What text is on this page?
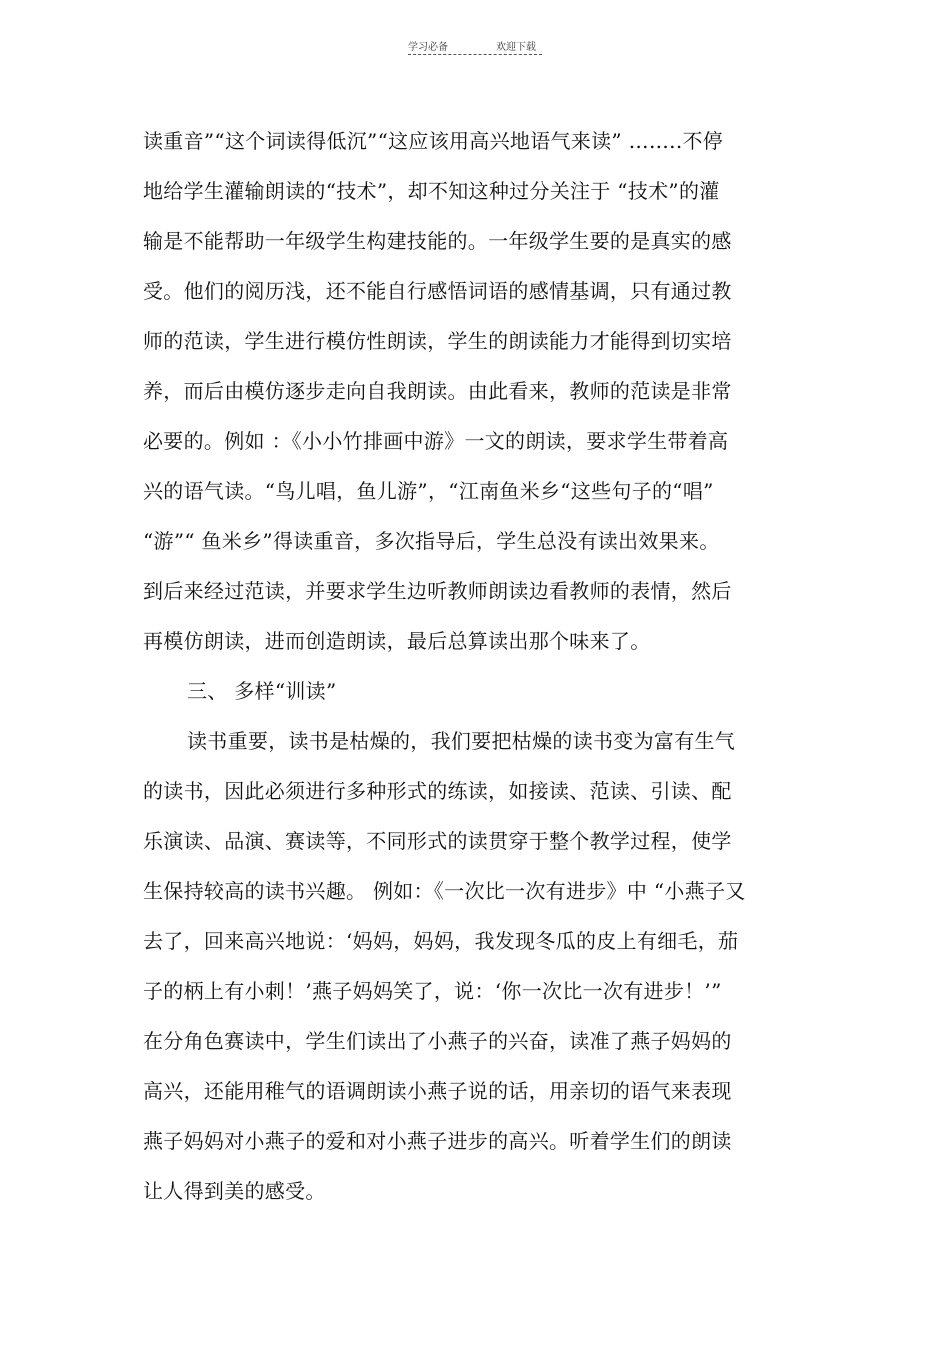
学习必备	欢迎下载
读重音”“这个词读得低沉”“这应该用高兴地语气来读” ……..不停
地给学生灌输朗读的“技术”，却不知这种过分关注于 “技术”的灌
输是不能帮助一年级学生构建技能的。一年级学生要的是真实的感
受。他们的阅历浅，还不能自行感悟词语的感情基调，只有通过教
师的范读，学生进行模仿性朗读，学生的朗读能力才能得到切实培
养，而后由模仿逐步走向自我朗读。由此看来，教师的范读是非常
必要的。例如 ：《小小竹排画中游》一文的朗读，要求学生带着高
兴的语气读。“鸟儿唱，鱼儿游”，“江南鱼米乡“这些句子的“唱”
“游”“ 鱼米乡”得读重音，多次指导后，学生总没有读出效果来。
到后来经过范读，并要求学生边听教师朗读边看教师的表情，然后
再模仿朗读，进而创造朗读，最后总算读出那个味来了。
三、 多样“训读”
读书重要，读书是枯燥的，我们要把枯燥的读书变为富有生气
的读书，因此必须进行多种形式的练读，如接读、范读、引读、配
乐演读、品演、赛读等，不同形式的读贯穿于整个教学过程，使学
生保持较高的读书兴趣。 例如：《一次比一次有进步》中 “小燕子又
去了，回来高兴地说：‘妈妈，妈妈，我发现冬瓜的皮上有细毛，茄
子的柄上有小刺！’燕子妈妈笑了，说：‘你一次比一次有进步！’”
在分角色赛读中，学生们读出了小燕子的兴奋，读准了燕子妈妈的
高兴，还能用稚气的语调朗读小燕子说的话，用亲切的语气来表现
燕子妈妈对小燕子的爱和对小燕子进步的高兴。听着学生们的朗读
让人得到美的感受。
